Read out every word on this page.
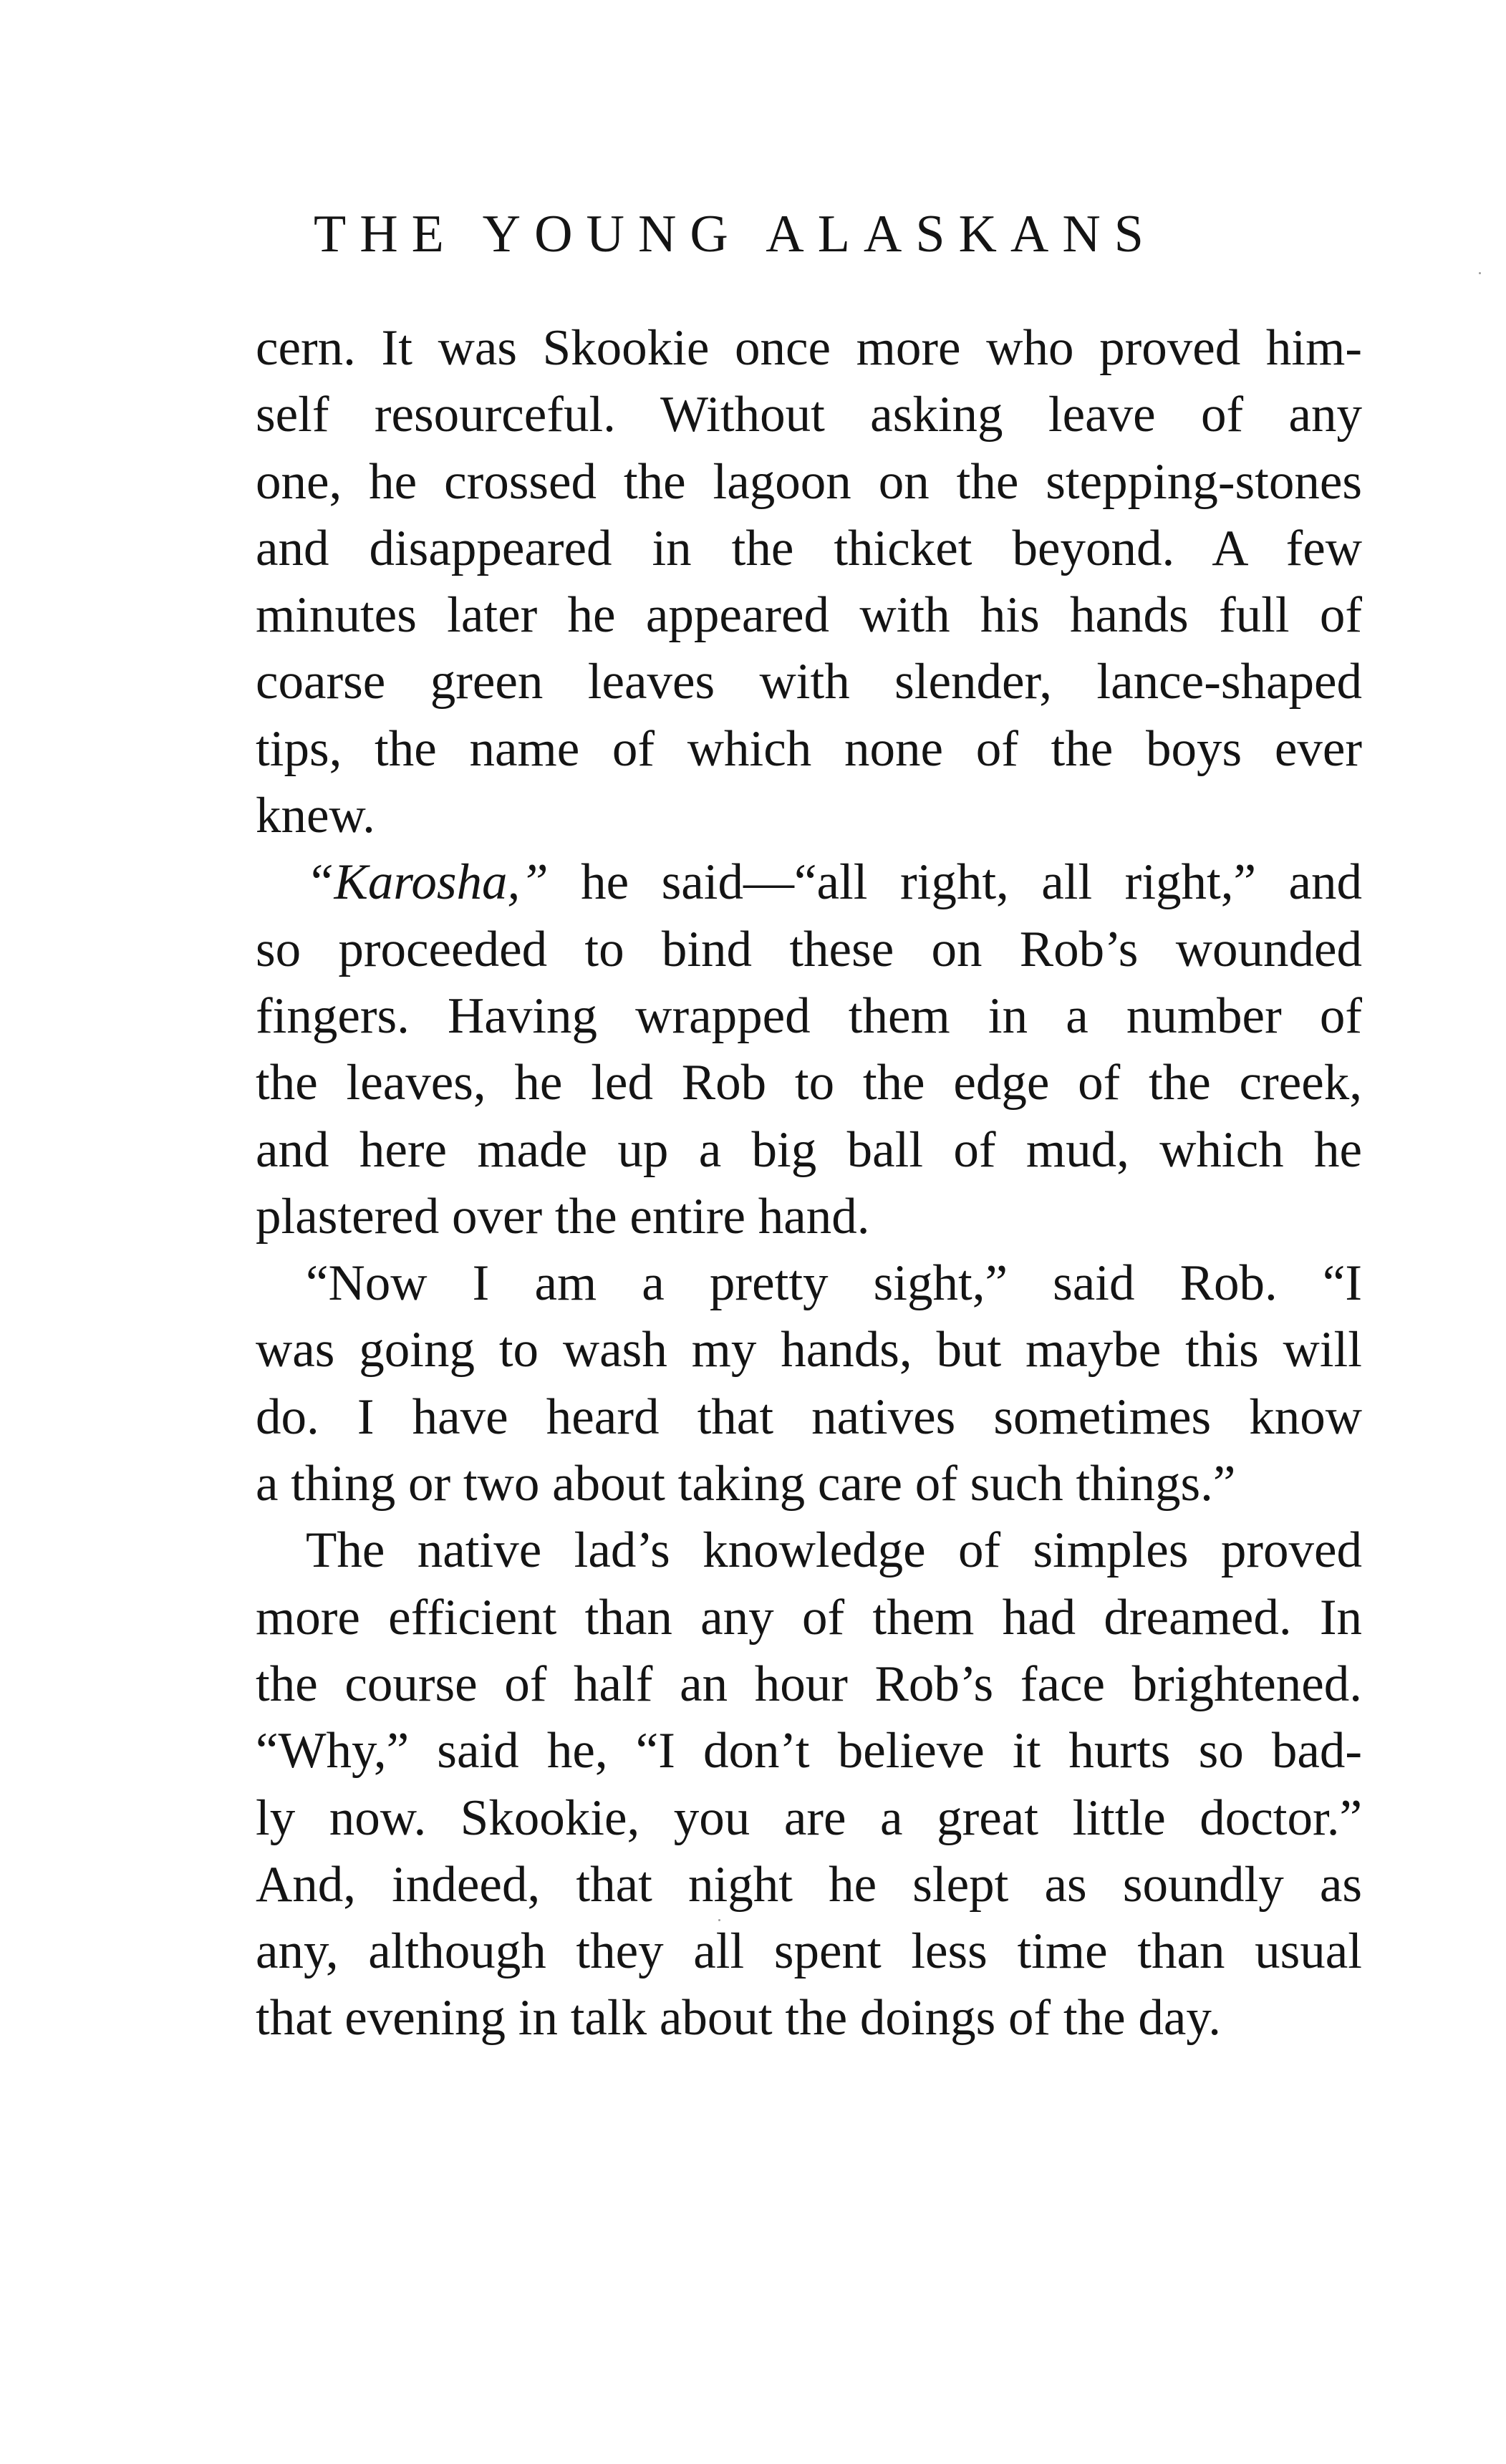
THE YOUNG ALASKANS
cern. It was Skookie once more who proved him-
self resourceful. Without asking leave of any
one, he crossed the lagoon on the stepping-stones
and disappeared in the thicket beyond. A few
minutes later he appeared with his hands full of
coarse green leaves with slender, lance-shaped
tips, the name of which none of the boys ever
knew.
“Karosha,” he said—“all right, all right,” and
so proceeded to bind these on Rob’s wounded
fingers. Having wrapped them in a number of
the leaves, he led Rob to the edge of the creek,
and here made up a big ball of mud, which he
plastered over the entire hand.
“Now I am a pretty sight,” said Rob. “I
was going to wash my hands, but maybe this will
do. I have heard that natives sometimes know
a thing or two about taking care of such things.”
The native lad’s knowledge of simples proved
more efficient than any of them had dreamed. In
the course of half an hour Rob’s face brightened.
“Why,” said he, “I don’t believe it hurts so bad-
ly now. Skookie, you are a great little doctor.”
And, indeed, that night he slept as soundly as
any, although they all spent less time than usual
that evening in talk about the doings of the day.
